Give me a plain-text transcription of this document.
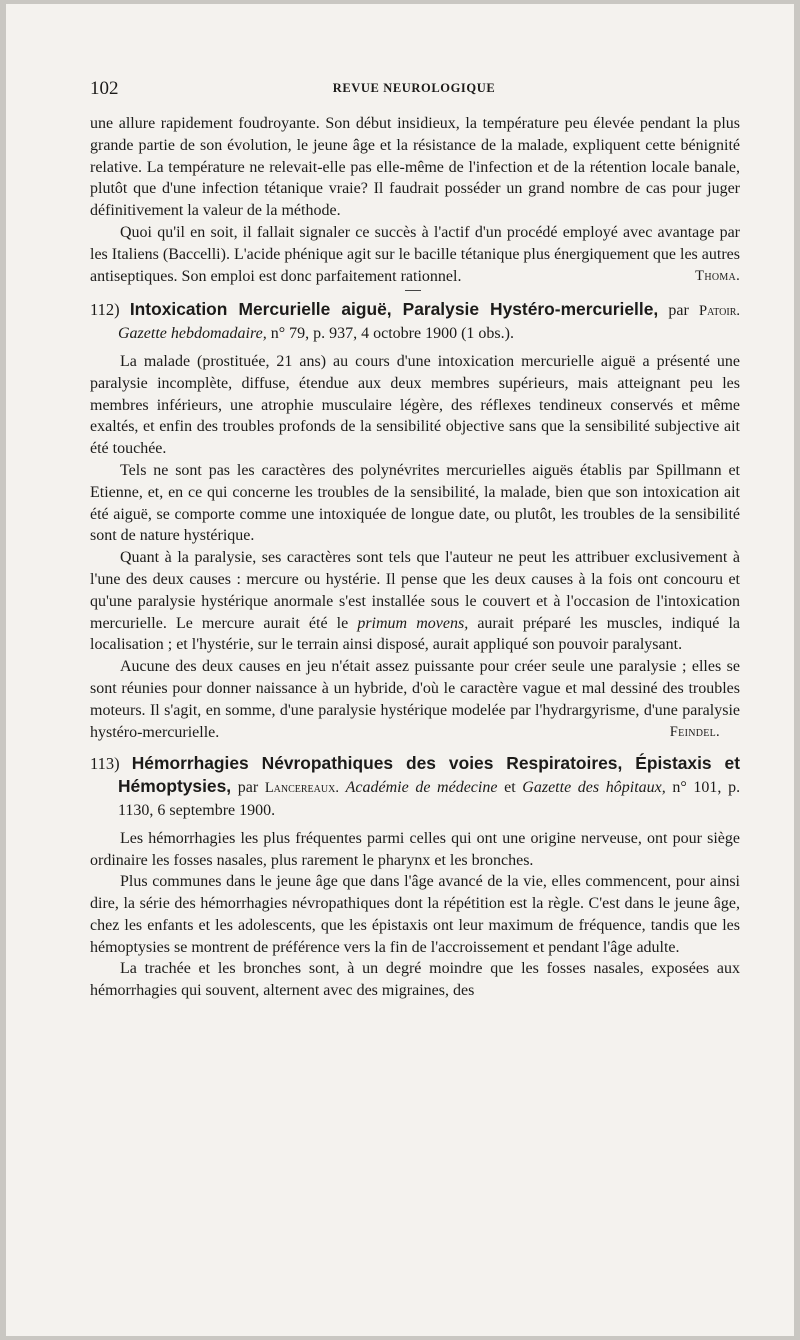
102	REVUE NEUROLOGIQUE

une allure rapidement foudroyante. Son début insidieux, la température peu élevée pendant la plus grande partie de son évolution, le jeune âge et la résistance de la malade, expliquent cette bénignité relative. La température ne relevait-elle pas elle-même de l'infection et de la rétention locale banale, plutôt que d'une infection tétanique vraie? Il faudrait posséder un grand nombre de cas pour juger définitivement la valeur de la méthode.

Quoi qu'il en soit, il fallait signaler ce succès à l'actif d'un procédé employé avec avantage par les Italiens (Baccelli). L'acide phénique agit sur le bacille tétanique plus énergiquement que les autres antiseptiques. Son emploi est donc parfaitement rationnel.	Thoma.

112) Intoxication Mercurielle aiguë, Paralysie Hystéro-mercurielle, par Patoir. Gazette hebdomadaire, n° 79, p. 937, 4 octobre 1900 (1 obs.).

La malade (prostituée, 21 ans) au cours d'une intoxication mercurielle aiguë a présenté une paralysie incomplète, diffuse, étendue aux deux membres supérieurs, mais atteignant peu les membres inférieurs, une atrophie musculaire légère, des réflexes tendineux conservés et même exaltés, et enfin des troubles profonds de la sensibilité objective sans que la sensibilité subjective ait été touchée.

Tels ne sont pas les caractères des polynévrites mercurielles aiguës établis par Spillmann et Etienne, et, en ce qui concerne les troubles de la sensibilité, la malade, bien que son intoxication ait été aiguë, se comporte comme une intoxiquée de longue date, ou plutôt, les troubles de la sensibilité sont de nature hystérique.

Quant à la paralysie, ses caractères sont tels que l'auteur ne peut les attribuer exclusivement à l'une des deux causes : mercure ou hystérie. Il pense que les deux causes à la fois ont concouru et qu'une paralysie hystérique anormale s'est installée sous le couvert et à l'occasion de l'intoxication mercurielle. Le mercure aurait été le primum movens, aurait préparé les muscles, indiqué la localisation ; et l'hystérie, sur le terrain ainsi disposé, aurait appliqué son pouvoir paralysant.

Aucune des deux causes en jeu n'était assez puissante pour créer seule une paralysie ; elles se sont réunies pour donner naissance à un hybride, d'où le caractère vague et mal dessiné des troubles moteurs. Il s'agit, en somme, d'une paralysie hystérique modelée par l'hydrargyrisme, d'une paralysie hystéro-mercurielle.	Feindel.

113) Hémorrhagies Névropathiques des voies Respiratoires, Épistaxis et Hémoptysies, par Lancereaux. Académie de médecine et Gazette des hôpitaux, n° 101, p. 1130, 6 septembre 1900.

Les hémorrhagies les plus fréquentes parmi celles qui ont une origine nerveuse, ont pour siège ordinaire les fosses nasales, plus rarement le pharynx et les bronches.

Plus communes dans le jeune âge que dans l'âge avancé de la vie, elles commencent, pour ainsi dire, la série des hémorrhagies névropathiques dont la répétition est la règle. C'est dans le jeune âge, chez les enfants et les adolescents, que les épistaxis ont leur maximum de fréquence, tandis que les hémoptysies se montrent de préférence vers la fin de l'accroissement et pendant l'âge adulte.

La trachée et les bronches sont, à un degré moindre que les fosses nasales, exposées aux hémorrhagies qui souvent, alternent avec des migraines, des
